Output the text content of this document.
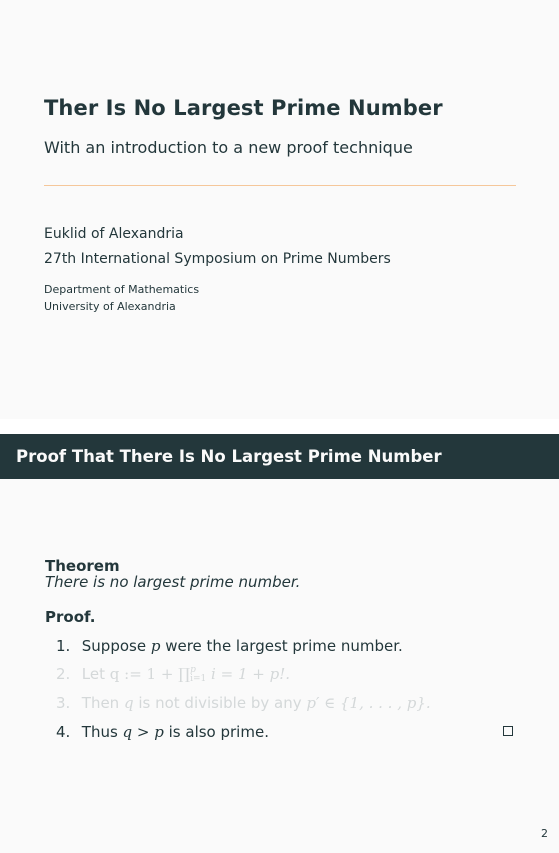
Ther Is No Largest Prime Number
With an introduction to a new proof technique
Euklid of Alexandria
27th International Symposium on Prime Numbers
Department of Mathematics
University of Alexandria
Proof That There Is No Largest Prime Number
Theorem
There is no largest prime number.
Proof.
1. Suppose p were the largest prime number.
2. Let q := 1 + ∏ p
i=1 i = 1 + p!.
3. Then q is not divisible by any p′ ∈ {1, . . . , p}.
4. Thus q > p is also prime.
2
